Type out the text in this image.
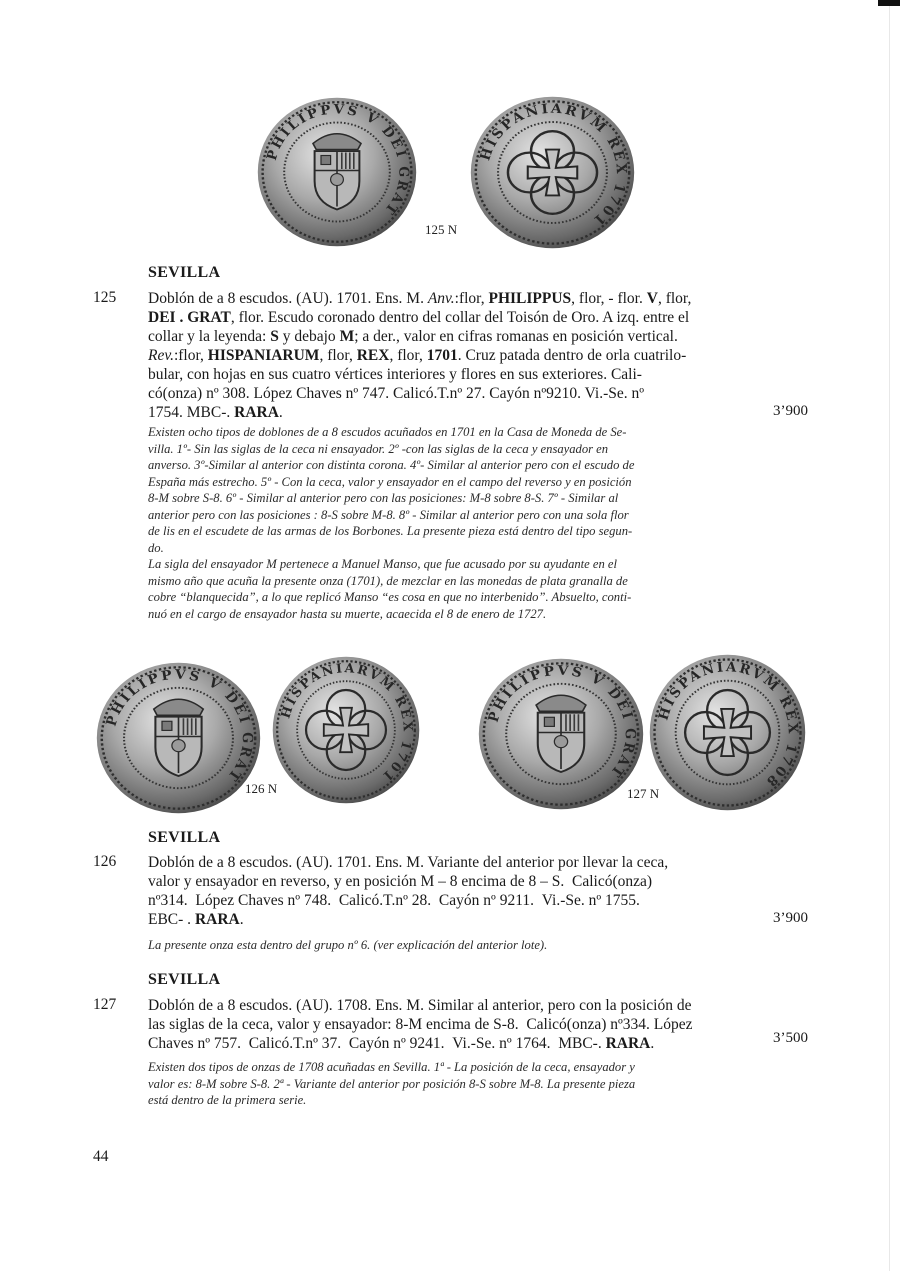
PHILIPPVS V DEI GRAT
HISPANIARVM REX 1701
125 N
PHILIPPVS V DEI GRAT
HISPANIARVM REX 1701
126 N
PHILIPPVS V DEI GRAT
HISPANIARVM REX 1708
127 N
SEVILLA
125 Doblón de a 8 escudos. (AU). 1701. Ens. M. Anv.:flor, PHILIPPUS, flor, - flor. V, flor,
DEI . GRAT, flor. Escudo coronado dentro del collar del Toisón de Oro. A izq. entre el
collar y la leyenda: S y debajo M; a der., valor en cifras romanas en posición vertical.
Rev.:flor, HISPANIARUM, flor, REX, flor, 1701. Cruz patada dentro de orla cuatrilo-
bular, con hojas en sus cuatro vértices interiores y flores en sus exteriores. Cali-
có(onza) nº 308. López Chaves nº 747. Calicó.T.nº 27. Cayón nº9210. Vi.-Se. nº
1754. MBC-. RARA.	3’900
Existen ocho tipos de doblones de a 8 escudos acuñados en 1701 en la Casa de Moneda de Se-
villa. 1º- Sin las siglas de la ceca ni ensayador. 2º -con las siglas de la ceca y ensayador en
anverso. 3º-Similar al anterior con distinta corona. 4º- Similar al anterior pero con el escudo de
España más estrecho. 5º - Con la ceca, valor y ensayador en el campo del reverso y en posición
8-M sobre S-8. 6º - Similar al anterior pero con las posiciones: M-8 sobre 8-S. 7º - Similar al
anterior pero con las posiciones : 8-S sobre M-8. 8º - Similar al anterior pero con una sola flor
de lis en el escudete de las armas de los Borbones. La presente pieza está dentro del tipo segun-
do.
La sigla del ensayador M pertenece a Manuel Manso, que fue acusado por su ayudante en el
mismo año que acuña la presente onza (1701), de mezclar en las monedas de plata granalla de
cobre “blanquecida”, a lo que replicó Manso “es cosa en que no interbenido”. Absuelto, conti-
nuó en el cargo de ensayador hasta su muerte, acaecida el 8 de enero de 1727.
SEVILLA
126 Doblón de a 8 escudos. (AU). 1701. Ens. M. Variante del anterior por llevar la ceca,
valor y ensayador en reverso, y en posición M – 8 encima de 8 – S.  Calicó(onza)
nº314.  López Chaves nº 748.  Calicó.T.nº 28.  Cayón nº 9211.  Vi.-Se. nº 1755.
EBC- . RARA.	3’900
La presente onza esta dentro del grupo nº 6. (ver explicación del anterior lote).
SEVILLA
127 Doblón de a 8 escudos. (AU). 1708. Ens. M. Similar al anterior, pero con la posición de
las siglas de la ceca, valor y ensayador: 8-M encima de S-8.  Calicó(onza) nº334. López
Chaves nº 757.  Calicó.T.nº 37.  Cayón nº 9241.  Vi.-Se. nº 1764.  MBC-. RARA.	3’500
Existen dos tipos de onzas de 1708 acuñadas en Sevilla. 1ª - La posición de la ceca, ensayador y
valor es: 8-M sobre S-8. 2ª - Variante del anterior por posición 8-S sobre M-8. La presente pieza
está dentro de la primera serie.
44
